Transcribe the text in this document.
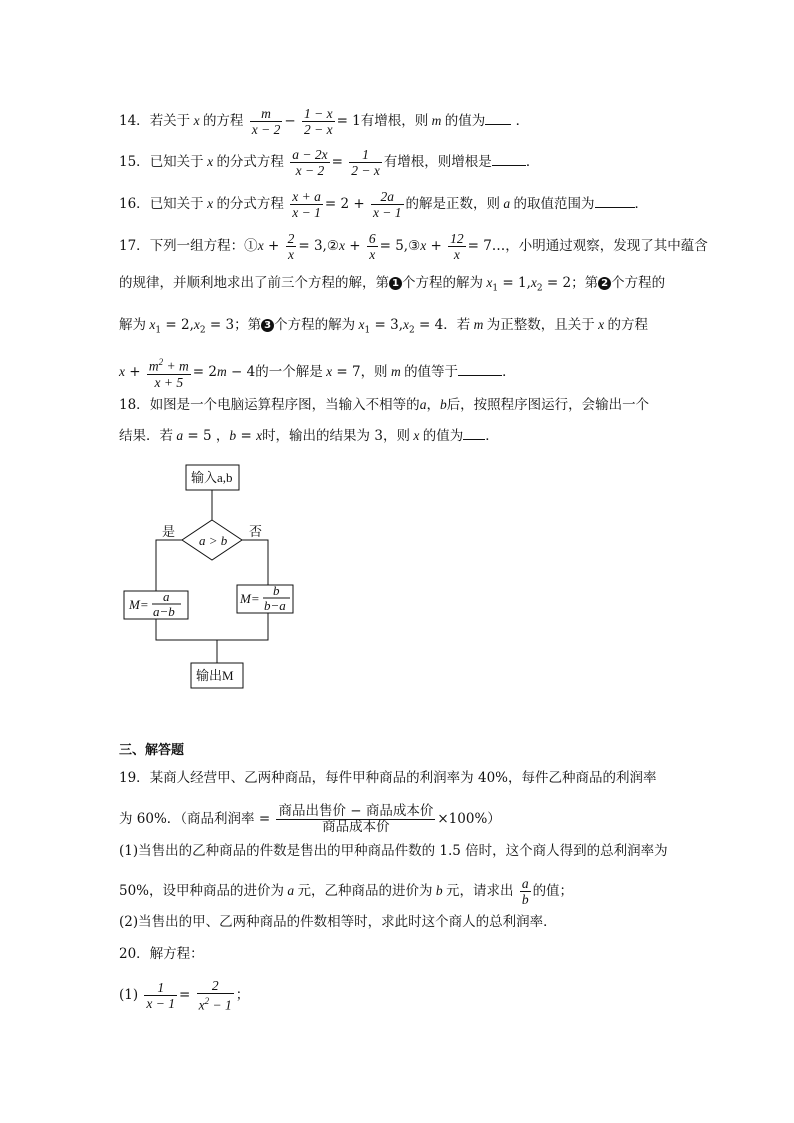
14．若关于 x 的方程 $\frac{m}{x - 2} - \frac{1 - x}{2 - x} = 1$有增根，则 m 的值为 ．
15．已知关于 x 的分式方程 $\frac{a - 2x}{x - 2} = \frac{1}{2 - x}$ 有增根，则增根是	．
16．已知关于 x 的分式方程 $\frac{x + a}{x - 1} = 2 + \frac{2a}{x - 1}$ 的解是正数，则 a 的取值范围为	．
17．下列一组方程：①x + $\frac{2}{x}$ = 3,②x + $\frac{6}{x}$ = 5,③x + $\frac{12}{x}$ = 7…，小明通过观察，发现了其中蕴含
的规律，并顺利地求出了前三个方程的解，第 1 个方程的解为 $x_1 = 1,x_2 = 2$；第 2 个方程的
解为 $x_1 = 2,x_2 = 3$；第 3 个方程的解为 $x_1 = 3,x_2 = 4$．若 m 为正整数，且关于 x 的方程
$x + \frac{m^2 + m}{x + 5} = 2m - 4$的一个解是 x = 7，则 m 的值等于	．
18．如图是一个电脑运算程序图，当输入不相等的a，b后，按照程序图运行，会输出一个
结果．若 a = 5 ，b = x时，输出的结果为 3，则 x 的值为 ．
输入a,b
a > b
是	否
M=
a
a−b
M=
b
b−a
输出M
三、解答题
19．某商人经营甲、乙两种商品，每件甲种商品的利润率为 40%，每件乙种商品的利润率
为 60%．（商品利润率 = $\frac{\text{商品出售价 − 商品成本价}}{\text{商品成本价}} \times 100\%$）
(1)当售出的乙种商品的件数是售出的甲种商品件数的 1.5 倍时，这个商人得到的总利润率为
50%，设甲种商品的进价为 a 元，乙种商品的进价为 b 元，请求出 $\frac{a}{b}$ 的值；
(2)当售出的甲、乙两种商品的件数相等时，求此时这个商人的总利润率．
20．解方程：
$(1) \frac{1}{x - 1} = \frac{2}{x^2 - 1}$ ；
